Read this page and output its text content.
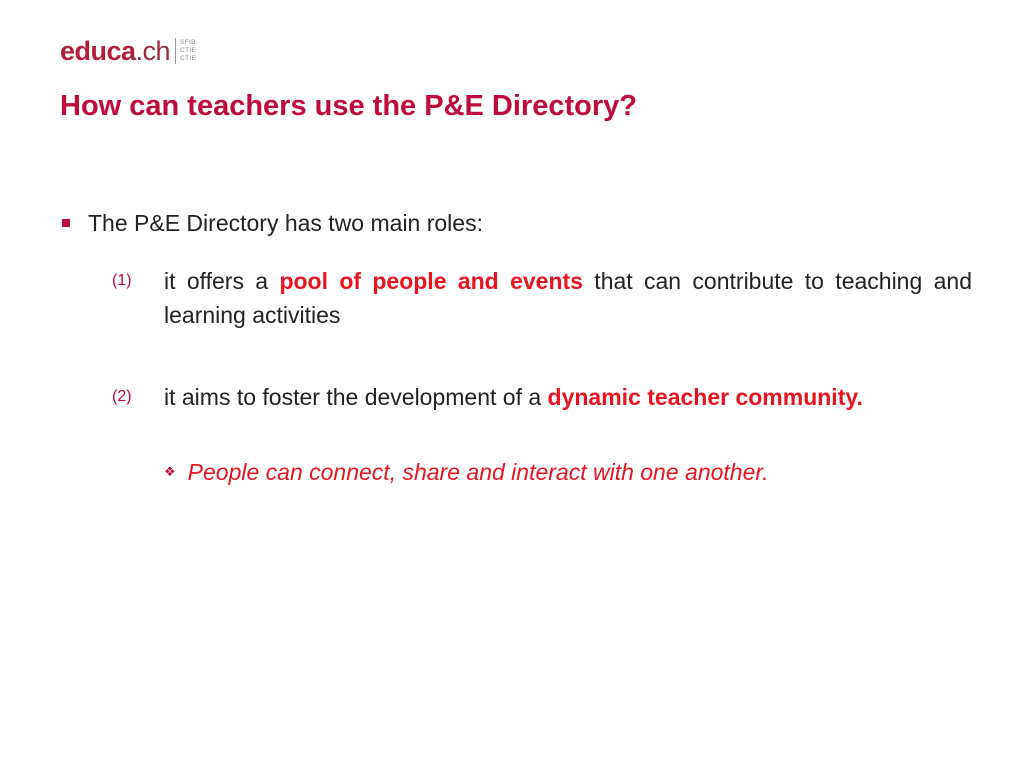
educa.ch SFIB
CTIE
CTIE
How can teachers use the P&E Directory?
The P&E Directory has two main roles:
(1)	it offers a pool of people and events that can contribute to teaching and learning activities
(2)	it aims to foster the development of a dynamic teacher community.
❖ People can connect, share and interact with one another.
